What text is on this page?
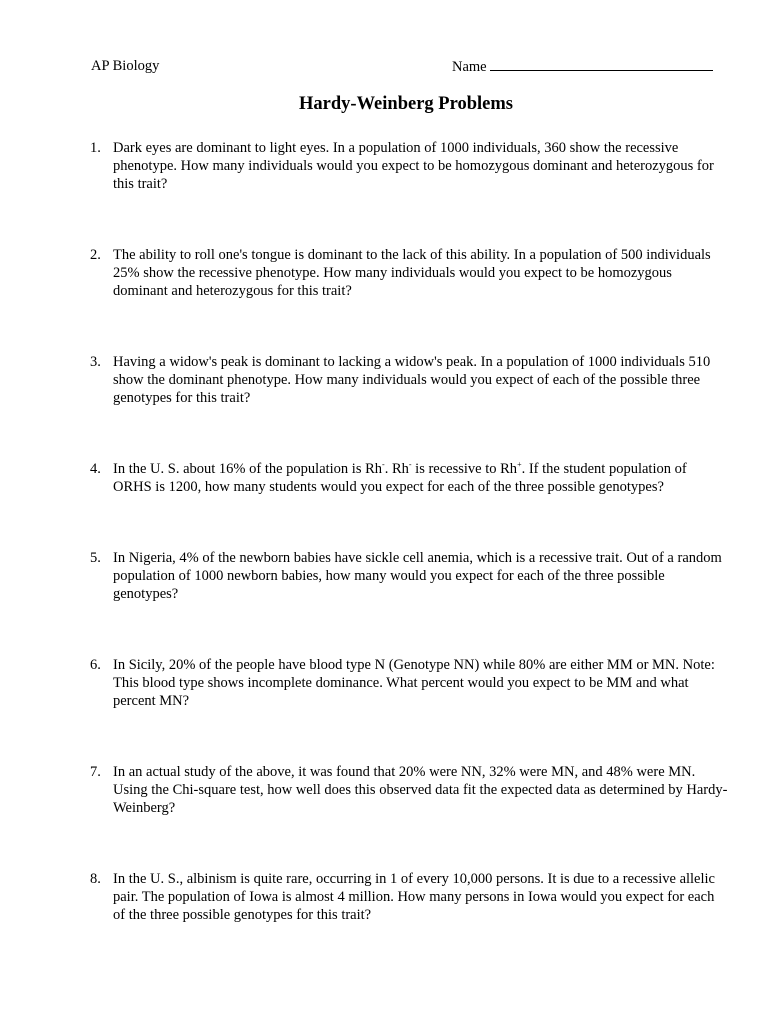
AP Biology	Name
Hardy-Weinberg Problems
1. Dark eyes are dominant to light eyes. In a population of 1000 individuals, 360 show the recessive phenotype. How many individuals would you expect to be homozygous dominant and heterozygous for this trait?
2. The ability to roll one's tongue is dominant to the lack of this ability. In a population of 500 individuals 25% show the recessive phenotype. How many individuals would you expect to be homozygous dominant and heterozygous for this trait?
3. Having a widow's peak is dominant to lacking a widow's peak. In a population of 1000 individuals 510 show the dominant phenotype. How many individuals would you expect of each of the possible three genotypes for this trait?
4. In the U. S. about 16% of the population is Rh-. Rh- is recessive to Rh+. If the student population of ORHS is 1200, how many students would you expect for each of the three possible genotypes?
5. In Nigeria, 4% of the newborn babies have sickle cell anemia, which is a recessive trait. Out of a random population of 1000 newborn babies, how many would you expect for each of the three possible genotypes?
6. In Sicily, 20% of the people have blood type N (Genotype NN) while 80% are either MM or MN. Note: This blood type shows incomplete dominance. What percent would you expect to be MM and what percent MN?
7. In an actual study of the above, it was found that 20% were NN, 32% were MN, and 48% were MN. Using the Chi-square test, how well does this observed data fit the expected data as determined by Hardy-Weinberg?
8. In the U. S., albinism is quite rare, occurring in 1 of every 10,000 persons. It is due to a recessive allelic pair. The population of Iowa is almost 4 million. How many persons in Iowa would you expect for each of the three possible genotypes for this trait?
